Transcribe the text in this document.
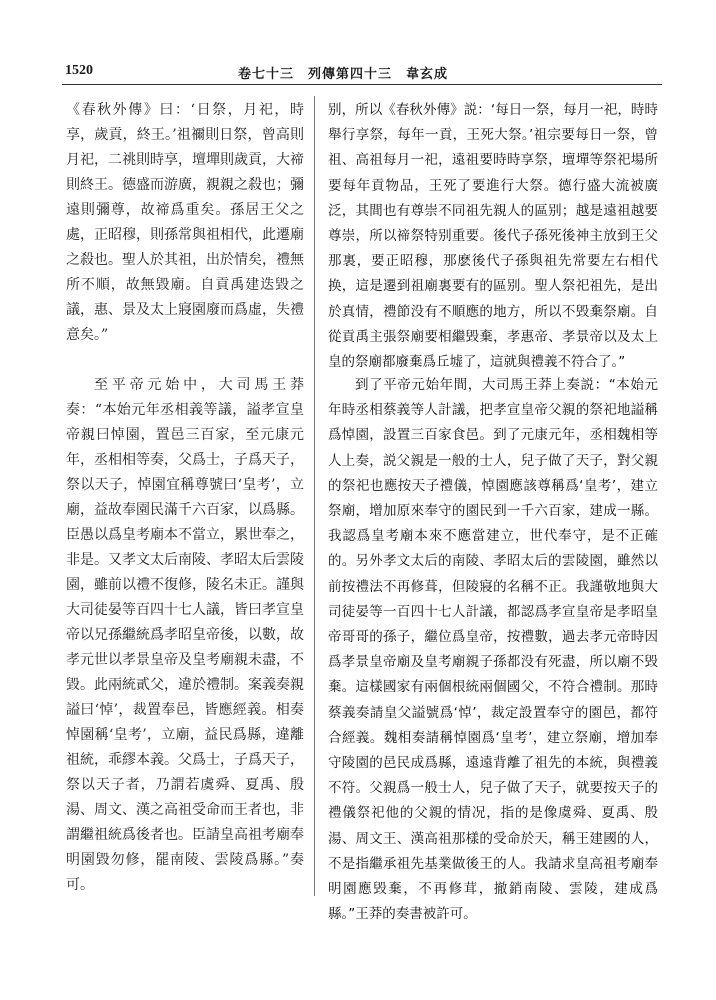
1520	卷七十三　列傳第四十三　韋玄成

《春秋外傳》曰：‘日祭，月祀，時享，歲貢，終王。’祖禰則日祭，曾高則月祀，二祧則時享，壇墠則歲貢，大禘則終王。德盛而游廣，親親之殺也；彌遠則彌尊，故禘爲重矣。孫居王父之處，正昭穆，則孫常與祖相代，此遷廟之殺也。聖人於其祖，出於情矣，禮無所不順，故無毀廟。自貢禹建迭毀之議，惠、景及太上寢園廢而爲虛，失禮意矣。”

至平帝元始中，大司馬王莽奏：“本始元年丞相義等議，謚孝宣皇帝親曰悼園，置邑三百家，至元康元年，丞相相等奏，父爲士，子爲天子，祭以天子，悼園宜稱尊號曰‘皇考’，立廟，益故奉園民滿千六百家，以爲縣。臣愚以爲皇考廟本不當立，累世奉之，非是。又孝文太后南陵、孝昭太后雲陵園，雖前以禮不復修，陵名未正。謹與大司徒晏等百四十七人議，皆曰孝宣皇帝以兄孫繼統爲孝昭皇帝後，以數，故孝元世以孝景皇帝及皇考廟親未盡，不毀。此兩統貳父，違於禮制。案義奏親謚曰‘悼’，裁置奉邑，皆應經義。相奏悼園稱‘皇考’，立廟，益民爲縣，違離祖統，乖繆本義。父爲士，子爲天子，祭以天子者，乃謂若虞舜、夏禹、殷湯、周文、漢之高祖受命而王者也，非謂繼祖統爲後者也。臣請皇高祖考廟奉明園毀勿修，罷南陵、雲陵爲縣。”奏可。

别，所以《春秋外傳》説：‘每日一祭，每月一祀，時時舉行享祭，每年一貢，王死大祭。’祖宗要每日一祭，曾祖、高祖每月一祀，遠祖要時時享祭，壇墠等祭祀場所要每年貢物品，王死了要進行大祭。德行盛大流被廣泛，其間也有尊崇不同祖先親人的區别；越是遠祖越要尊崇，所以禘祭特别重要。後代子孫死後神主放到王父那裏，要正昭穆，那麽後代子孫與祖先常要左右相代换，這是遷到祖廟裏要有的區别。聖人祭祀祖先，是出於真情，禮節没有不順應的地方，所以不毁棄祭廟。自從貢禹主張祭廟要相繼毁棄，孝惠帝、孝景帝以及太上皇的祭廟都廢棄爲丘墟了，這就與禮義不符合了。”

到了平帝元始年間，大司馬王莽上奏説：“本始元年時丞相蔡義等人計議，把孝宣皇帝父親的祭祀地謚稱爲悼園，設置三百家食邑。到了元康元年，丞相魏相等人上奏，説父親是一般的士人，兒子做了天子，對父親的祭祀也應按天子禮儀，悼園應該尊稱爲‘皇考’，建立祭廟，增加原來奉守的園民到一千六百家，建成一縣。我認爲皇考廟本來不應當建立，世代奉守，是不正確的。另外孝文太后的南陵、孝昭太后的雲陵園，雖然以前按禮法不再修葺，但陵寢的名稱不正。我謹敬地與大司徒晏等一百四十七人計議，都認爲孝宣皇帝是孝昭皇帝哥哥的孫子，繼位爲皇帝，按禮數，過去孝元帝時因爲孝景皇帝廟及皇考廟親子孫都没有死盡，所以廟不毁棄。這樣國家有兩個根統兩個國父，不符合禮制。那時蔡義奏請皇父謚號爲‘悼’，裁定設置奉守的園邑，都符合經義。魏相奏請稱悼園爲‘皇考’，建立祭廟，增加奉守陵園的邑民成爲縣，遠遠背離了祖先的本統，與禮義不符。父親爲一般士人，兒子做了天子，就要按天子的禮儀祭祀他的父親的情况，指的是像虞舜、夏禹、殷湯、周文王、漢高祖那樣的受命於天，稱王建國的人，不是指繼承祖先基業做後王的人。我請求皇高祖考廟奉明園應毁棄，不再修茸，撤銷南陵、雲陵，建成爲縣。”王莽的奏書被許可。
